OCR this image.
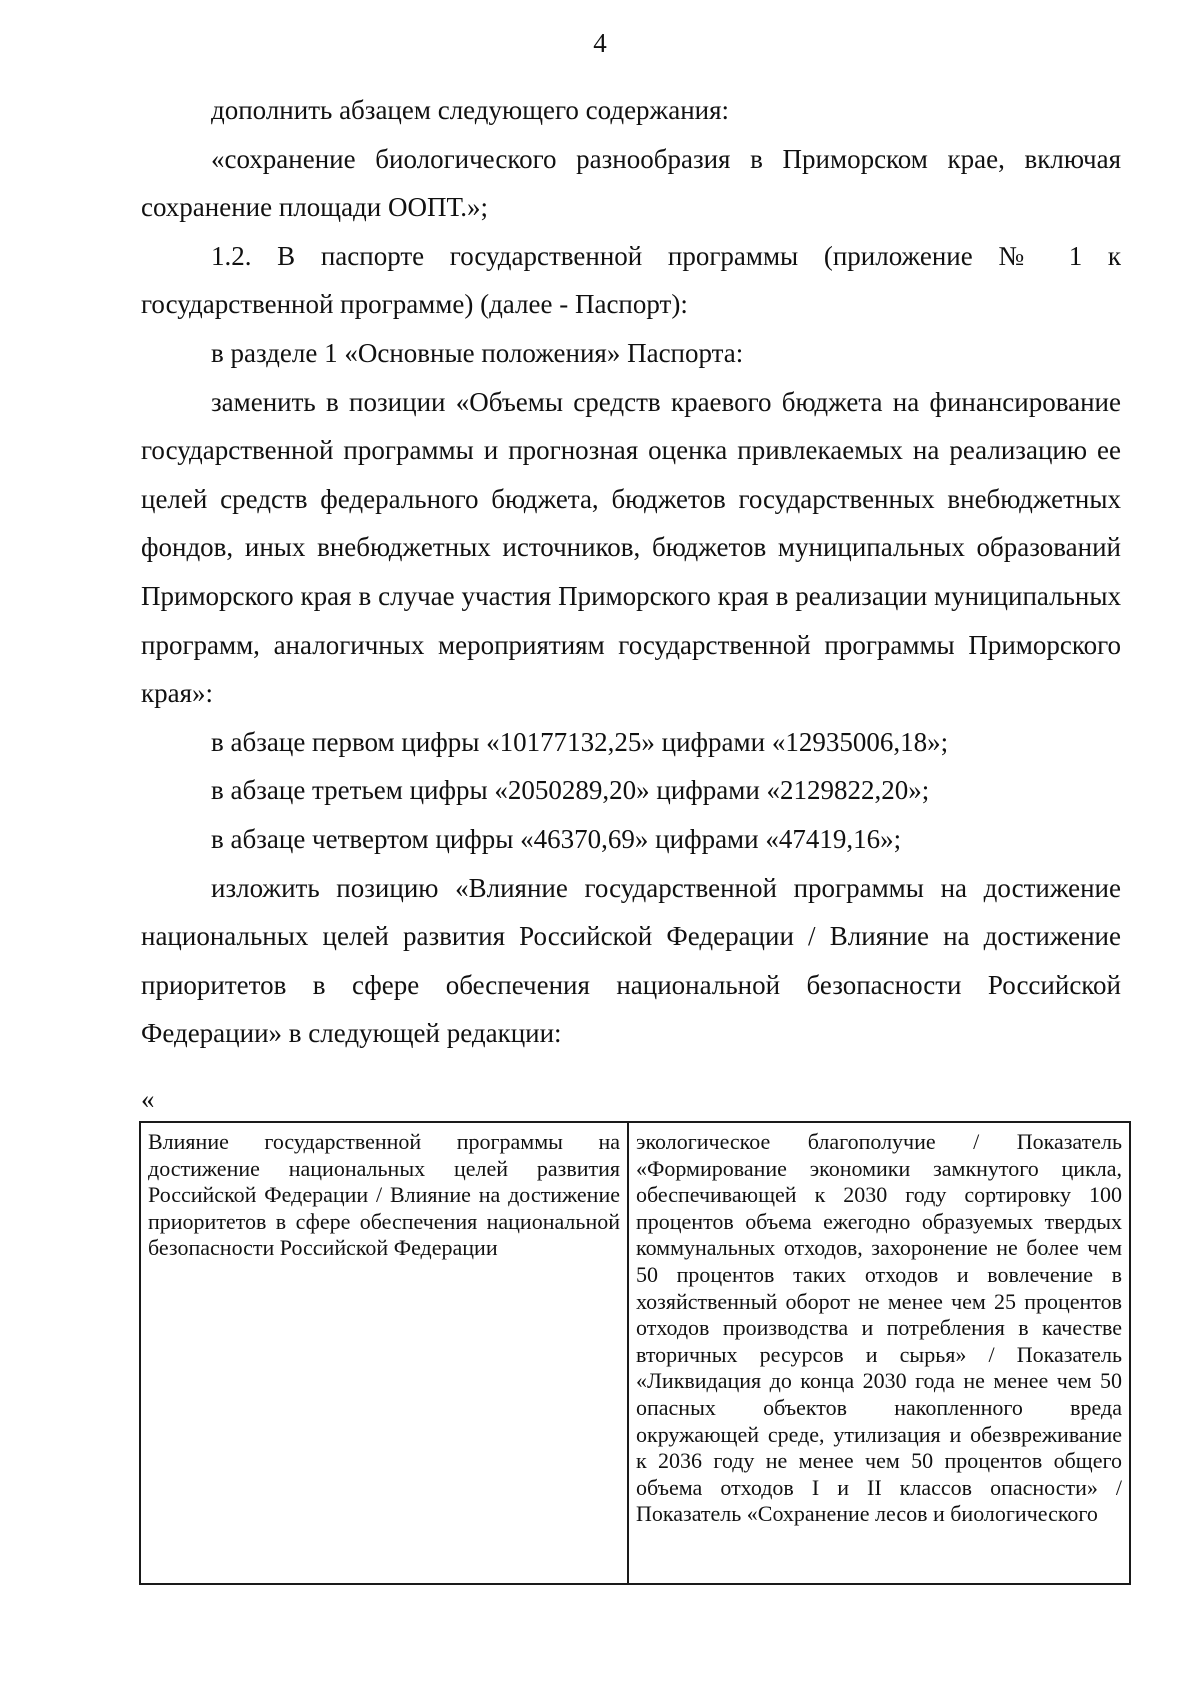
4

дополнить абзацем следующего содержания:

«сохранение биологического разнообразия в Приморском крае, включая сохранение площади ООПТ.»;

1.2. В паспорте государственной программы (приложение № 1 к государственной программе) (далее - Паспорт):

в разделе 1 «Основные положения» Паспорта:

заменить в позиции «Объемы средств краевого бюджета на финансирование государственной программы и прогнозная оценка привлекаемых на реализацию ее целей средств федерального бюджета, бюджетов государственных внебюджетных фондов, иных внебюджетных источников, бюджетов муниципальных образований Приморского края в случае участия Приморского края в реализации муниципальных программ, аналогичных мероприятиям государственной программы Приморского края»:

в абзаце первом цифры «10177132,25» цифрами «12935006,18»;

в абзаце третьем цифры «2050289,20» цифрами «2129822,20»;

в абзаце четвертом цифры «46370,69» цифрами «47419,16»;

изложить позицию «Влияние государственной программы на достижение национальных целей развития Российской Федерации / Влияние на достижение приоритетов в сфере обеспечения национальной безопасности Российской Федерации» в следующей редакции:

«
Влияние государственной программы на достижение национальных целей развития Российской Федерации / Влияние на достижение приоритетов в сфере обеспечения национальной безопасности Российской Федерации	экологическое благополучие / Показатель «Формирование экономики замкнутого цикла, обеспечивающей к 2030 году сортировку 100 процентов объема ежегодно образуемых твердых коммунальных отходов, захоронение не более чем 50 процентов таких отходов и вовлечение в хозяйственный оборот не менее чем 25 процентов отходов производства и потребления в качестве вторичных ресурсов и сырья» / Показатель «Ликвидация до конца 2030 года не менее чем 50 опасных объектов накопленного вреда окружающей среде, утилизация и обезвреживание к 2036 году не менее чем 50 процентов общего объема отходов I и II классов опасности» / Показатель «Сохранение лесов и биологического
